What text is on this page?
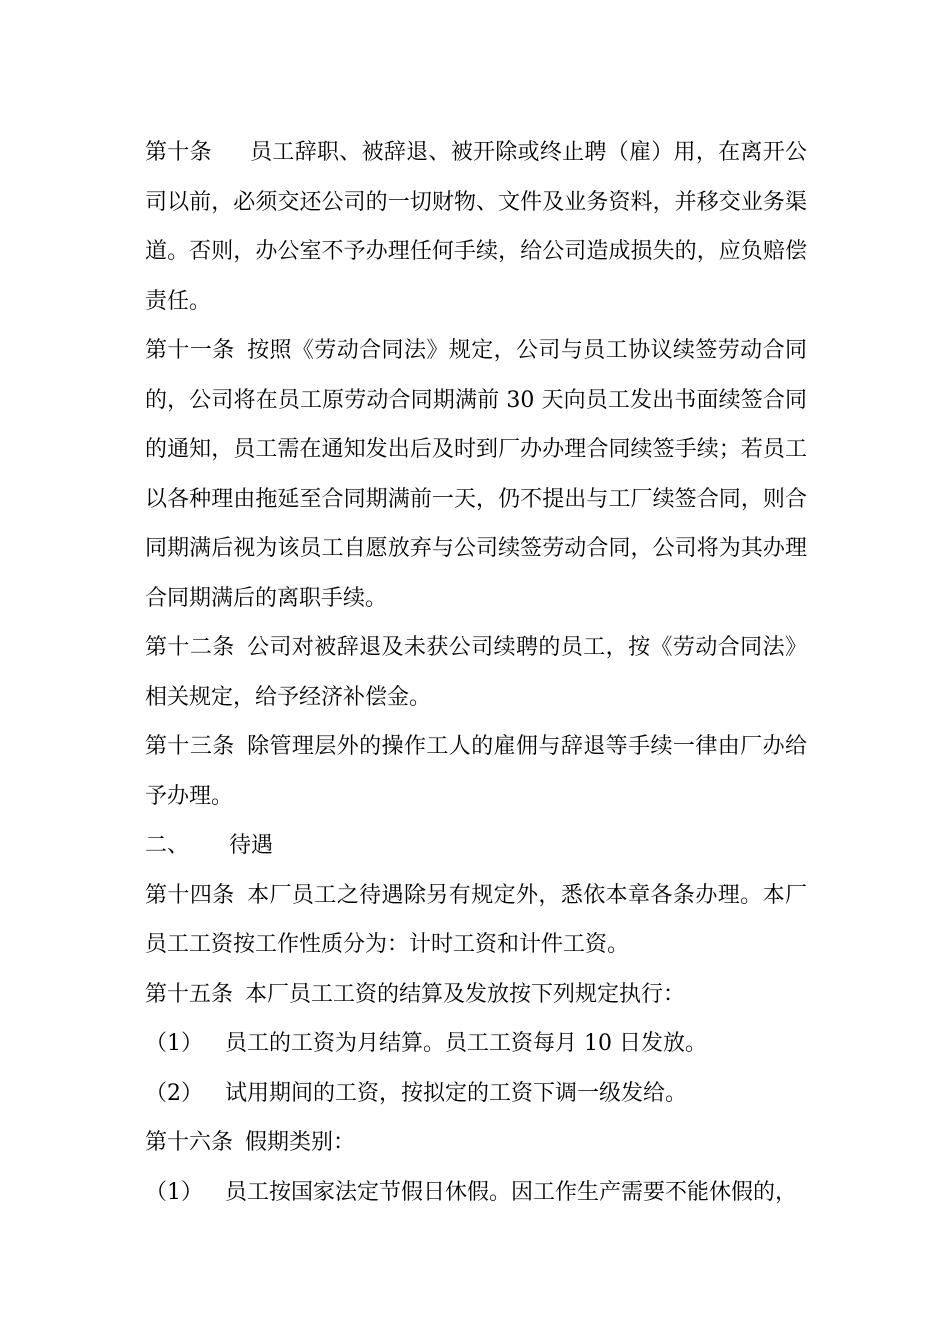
第十条 员工辞职、被辞退、被开除或终止聘（雇）用，在离开公司以前，必须交还公司的一切财物、文件及业务资料，并移交业务渠道。否则，办公室不予办理任何手续，给公司造成损失的，应负赔偿责任。

第十一条 按照《劳动合同法》规定，公司与员工协议续签劳动合同的，公司将在员工原劳动合同期满前 30 天向员工发出书面续签合同的通知，员工需在通知发出后及时到厂办办理合同续签手续；若员工以各种理由拖延至合同期满前一天，仍不提出与工厂续签合同，则合同期满后视为该员工自愿放弃与公司续签劳动合同，公司将为其办理合同期满后的离职手续。

第十二条 公司对被辞退及未获公司续聘的员工，按《劳动合同法》相关规定，给予经济补偿金。

第十三条 除管理层外的操作工人的雇佣与辞退等手续一律由厂办给予办理。

二、 待遇

第十四条 本厂员工之待遇除另有规定外，悉依本章各条办理。本厂员工工资按工作性质分为：计时工资和计件工资。

第十五条 本厂员工工资的结算及发放按下列规定执行：

（1） 员工的工资为月结算。员工工资每月 10 日发放。

（2） 试用期间的工资，按拟定的工资下调一级发给。

第十六条 假期类别：

（1） 员工按国家法定节假日休假。因工作生产需要不能休假的，
